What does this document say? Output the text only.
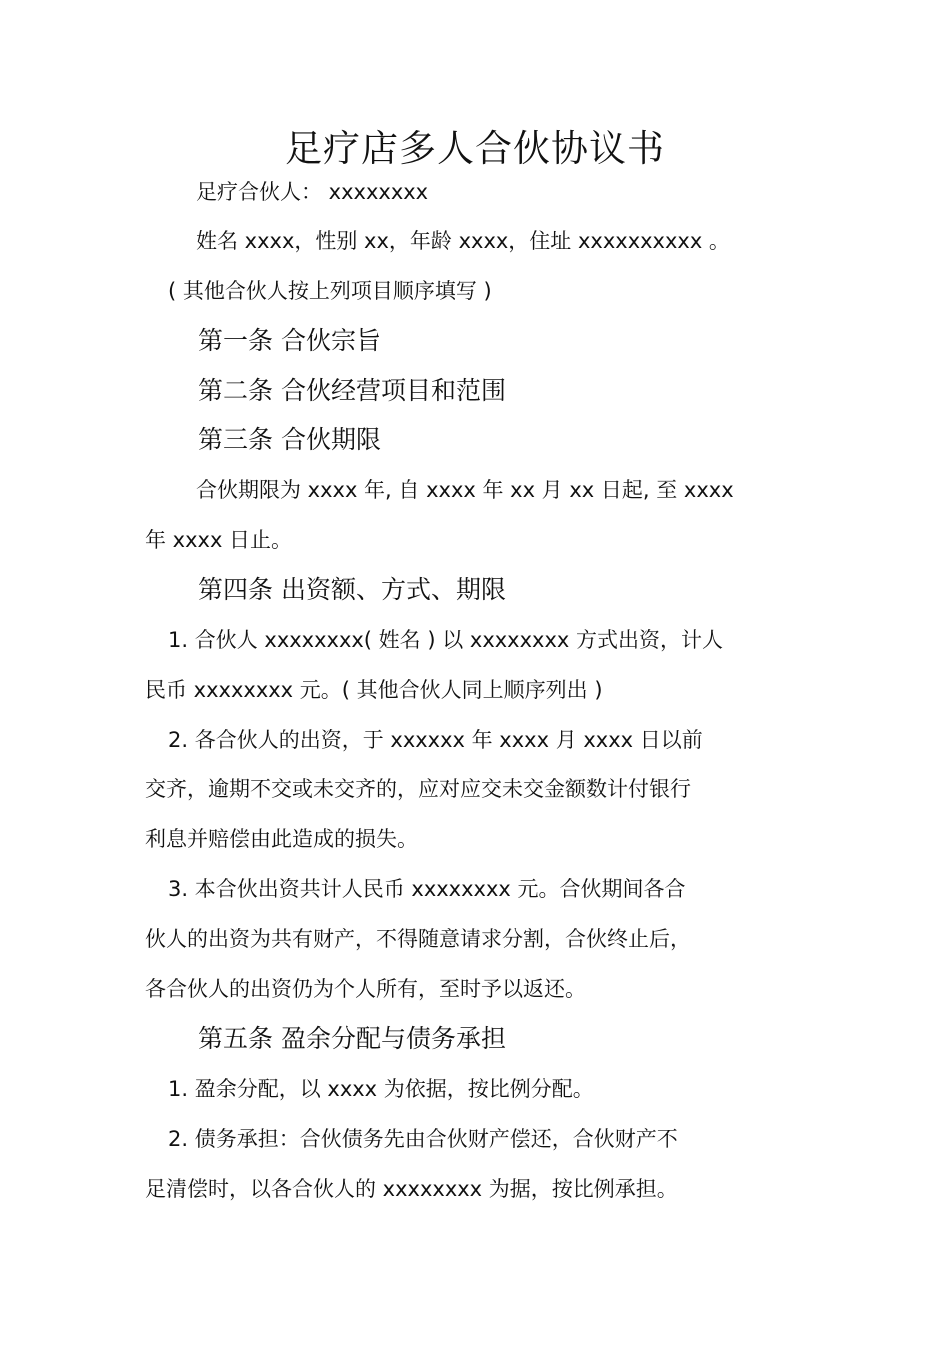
足疗店多人合伙协议书
足疗合伙人： xxxxxxxx
姓名 xxxx，性别 xx，年龄 xxxx，住址 xxxxxxxxxx 。
( 其他合伙人按上列项目顺序填写 )
第一条 合伙宗旨
第二条 合伙经营项目和范围
第三条 合伙期限
合伙期限为 xxxx 年, 自 xxxx 年 xx 月 xx 日起, 至 xxxx
年 xxxx 日止。
第四条 出资额、方式、期限
1. 合伙人 xxxxxxxx( 姓名 ) 以 xxxxxxxx 方式出资，计人
民币 xxxxxxxx 元。( 其他合伙人同上顺序列出 )
2. 各合伙人的出资，于 xxxxxx 年 xxxx 月 xxxx 日以前
交齐，逾期不交或未交齐的，应对应交未交金额数计付银行
利息并赔偿由此造成的损失。
3. 本合伙出资共计人民币 xxxxxxxx 元。合伙期间各合
伙人的出资为共有财产，不得随意请求分割，合伙终止后，
各合伙人的出资仍为个人所有，至时予以返还。
第五条 盈余分配与债务承担
1. 盈余分配，以 xxxx 为依据，按比例分配。
2. 债务承担：合伙债务先由合伙财产偿还，合伙财产不
足清偿时，以各合伙人的 xxxxxxxx 为据，按比例承担。
